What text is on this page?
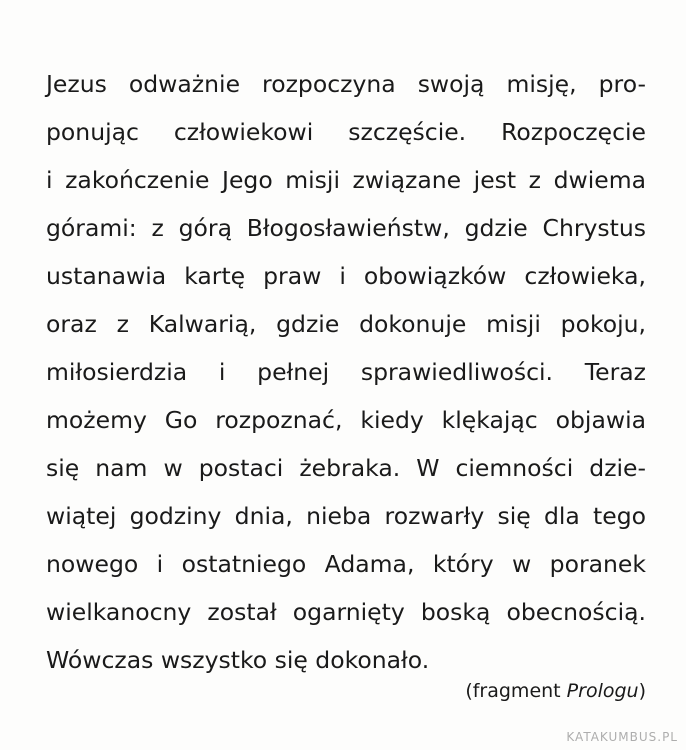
Jezus odważnie rozpoczyna swoją misję, pro-
ponując człowiekowi szczęście. Rozpoczęcie
i zakończenie Jego misji związane jest z dwiema
górami: z górą Błogosławieństw, gdzie Chrystus
ustanawia kartę praw i obowiązków człowieka,
oraz z Kalwarią, gdzie dokonuje misji pokoju,
miłosierdzia i pełnej sprawiedliwości. Teraz
możemy Go rozpoznać, kiedy klękając objawia
się nam w postaci żebraka. W ciemności dzie-
wiątej godziny dnia, nieba rozwarły się dla tego
nowego i ostatniego Adama, który w poranek
wielkanocny został ogarnięty boską obecnością.
Wówczas wszystko się dokonało.

(fragment Prologu)
KATAKUMBUS.PL
